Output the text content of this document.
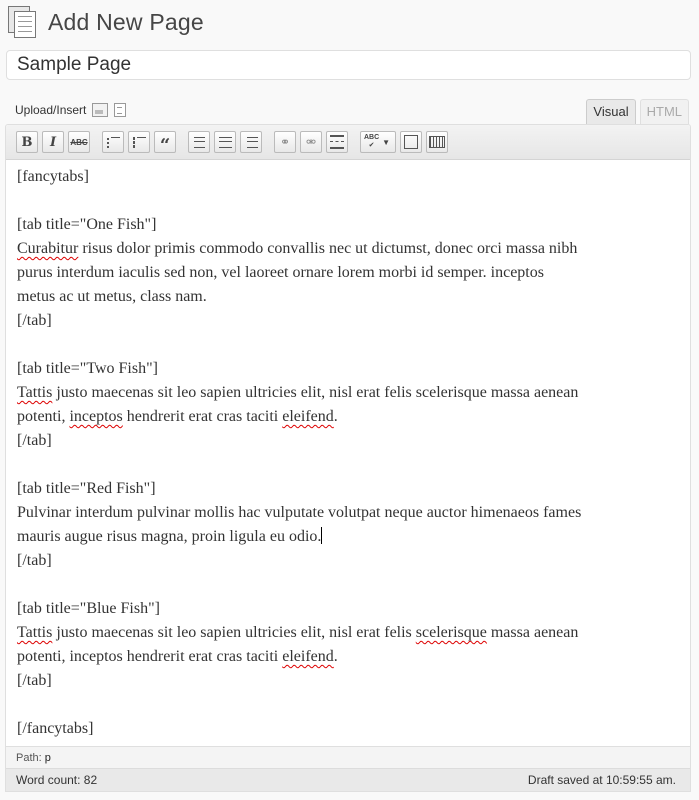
Add New Page
Sample Page
Upload/Insert	Visual	HTML
B I ABC	“	⚭ ⚮	ABC
✔ ▼

[fancytabs]

[tab title="One Fish"]

Curabitur risus dolor primis commodo convallis nec ut dictumst, donec orci massa nibh

purus interdum iaculis sed non, vel laoreet ornare lorem morbi id semper. inceptos

metus ac ut metus, class nam.

[/tab]

[tab title="Two Fish"]

Tattis justo maecenas sit leo sapien ultricies elit, nisl erat felis scelerisque massa aenean

potenti, inceptos hendrerit erat cras taciti eleifend.

[/tab]

[tab title="Red Fish"]

Pulvinar interdum pulvinar mollis hac vulputate volutpat neque auctor himenaeos fames

mauris augue risus magna, proin ligula eu odio.

[/tab]

[tab title="Blue Fish"]

Tattis justo maecenas sit leo sapien ultricies elit, nisl erat felis scelerisque massa aenean

potenti, inceptos hendrerit erat cras taciti eleifend.

[/tab]

[/fancytabs]

Path: p
Word count: 82	Draft saved at 10:59:55 am.
